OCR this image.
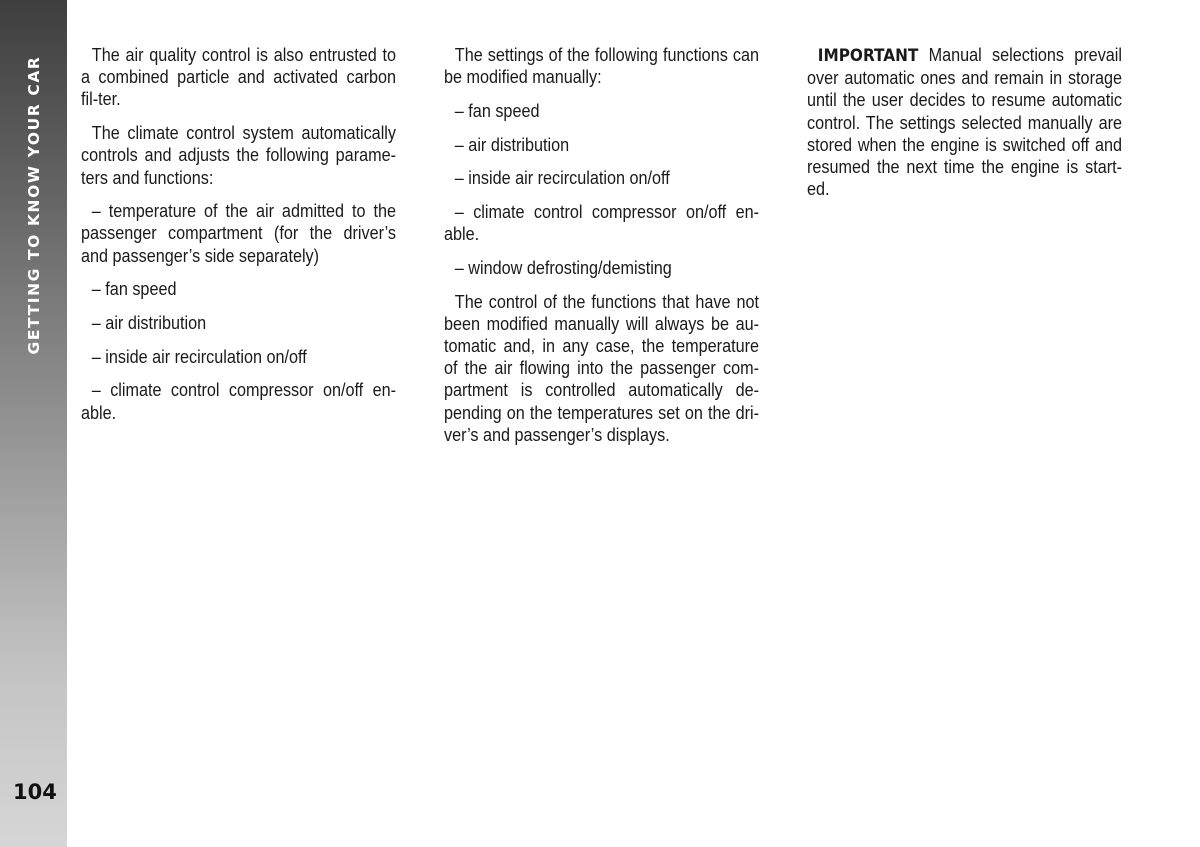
GETTING TO KNOW YOUR CAR
104

The air quality control is also entrusted to a combined particle and activated carbon fil-ter.

The climate control system automatically controls and adjusts the following parame-ters and functions:

– temperature of the air admitted to the passenger compartment (for the driver’s and passenger’s side separately)

– fan speed

– air distribution

– inside air recirculation on/off

– climate control compressor on/off en-able.

The settings of the following functions can be modified manually:

– fan speed

– air distribution

– inside air recirculation on/off

– climate control compressor on/off en-able.

– window defrosting/demisting

The control of the functions that have not been modified manually will always be au-tomatic and, in any case, the temperature of the air flowing into the passenger com-partment is controlled automatically de-pending on the temperatures set on the dri-ver’s and passenger’s displays.

IMPORTANT Manual selections prevail over automatic ones and remain in storage until the user decides to resume automatic control. The settings selected manually are stored when the engine is switched off and resumed the next time the engine is start-ed.
